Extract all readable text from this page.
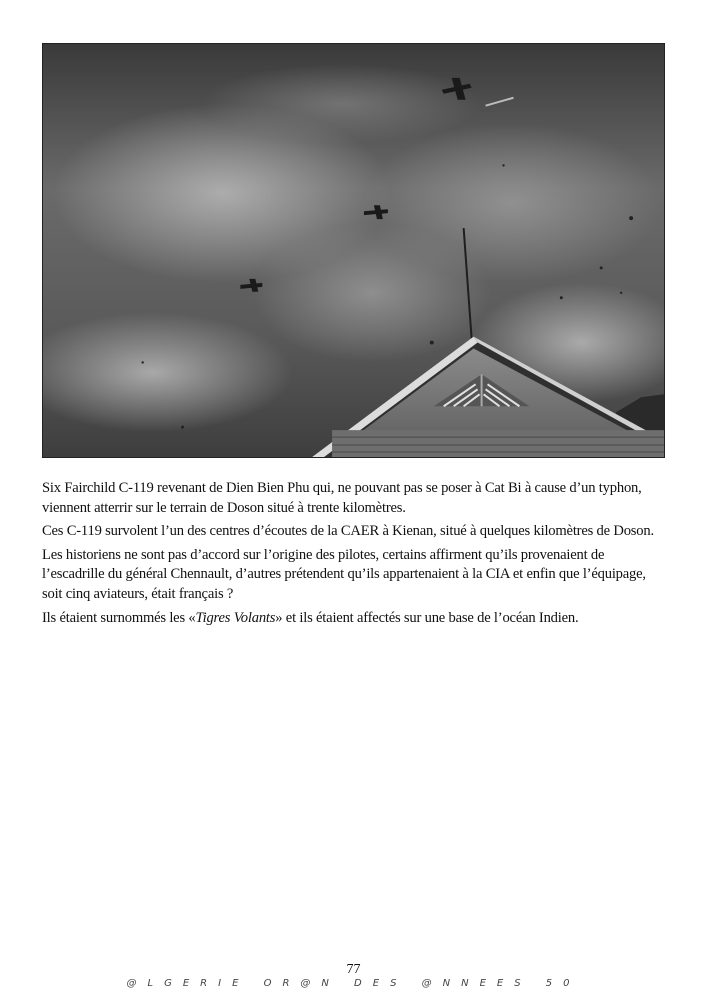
Six Fairchild C-119 revenant de Dien Bien Phu qui, ne pouvant pas se poser à Cat Bi à cause d’un typhon, viennent atterrir sur le terrain de Doson situé à trente kilomètres.

Ces C-119 survolent l’un des centres d’écoutes de la CAER à Kienan, situé à quelques kilomètres de Doson.

Les historiens ne sont pas d’accord sur l’origine des pilotes, certains affirment qu’ils provenaient de l’escadrille du général Chennault, d’autres prétendent qu’ils appartenaient à la CIA et enfin que l’équipage, soit cinq aviateurs, était français ?

Ils étaient surnommés les «Tigres Volants» et ils étaient affectés sur une base de l’océan Indien.

77
@LGERIE OR@N DES @NNEES 50
